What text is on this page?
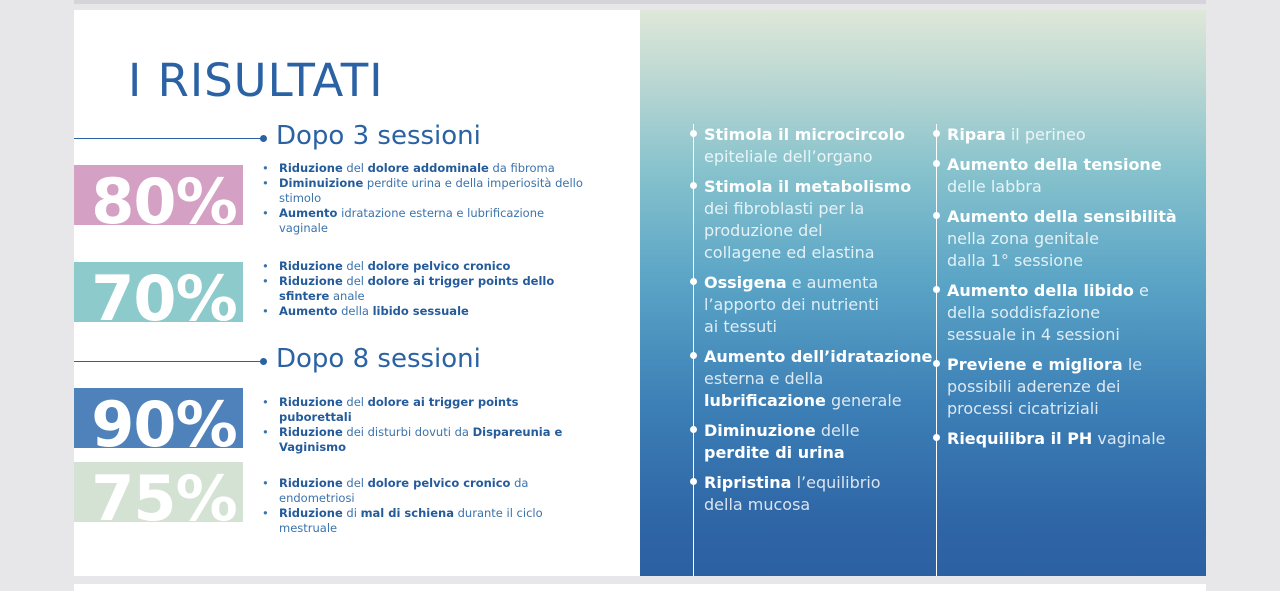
I RISULTATI
Dopo 3 sessioni
80%	• Riduzione del dolore addominale da fibroma
• Diminuizione perdite urina e della imperiosità dello stimolo
• Aumento idratazione esterna e lubrificazione vaginale
70%	• Riduzione del dolore pelvico cronico
• Riduzione del dolore ai trigger points dello sfintere anale
• Aumento della libido sessuale
Dopo 8 sessioni
90%	• Riduzione del dolore ai trigger points puborettali
• Riduzione dei disturbi dovuti da Dispareunia e Vaginismo
75%	• Riduzione del dolore pelvico cronico da endometriosi
• Riduzione di mal di schiena durante il ciclo mestruale
Stimola il microcircolo
epiteliale dell’organo
Stimola il metabolismo
dei fibroblasti per la
produzione del
collagene ed elastina
Ossigena e aumenta
l’apporto dei nutrienti
ai tessuti
Aumento dell’idratazione
esterna e della
lubrificazione generale
Diminuzione delle
perdite di urina
Ripristina l’equilibrio
della mucosa
Ripara il perineo
Aumento della tensione
delle labbra
Aumento della sensibilità
nella zona genitale
dalla 1° sessione
Aumento della libido e
della soddisfazione
sessuale in 4 sessioni
Previene e migliora le
possibili aderenze dei
processi cicatriziali
Riequilibra il PH vaginale
